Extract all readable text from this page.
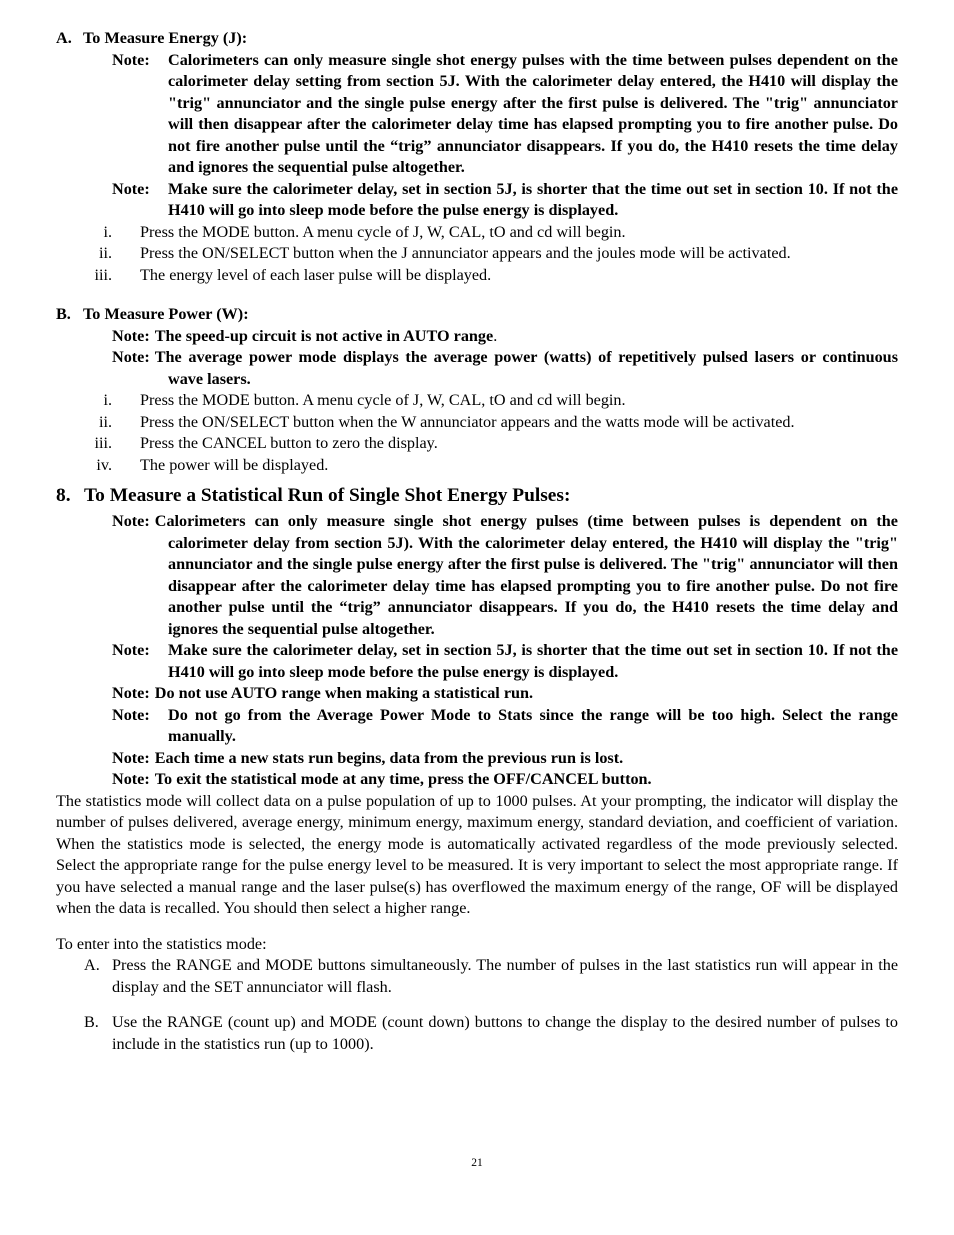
A. To Measure Energy (J):
Note: Calorimeters can only measure single shot energy pulses with the time between pulses dependent on the calorimeter delay setting from section 5J. With the calorimeter delay entered, the H410 will display the "trig" annunciator and the single pulse energy after the first pulse is delivered. The "trig" annunciator will then disappear after the calorimeter delay time has elapsed prompting you to fire another pulse. Do not fire another pulse until the “trig” annunciator disappears. If you do, the H410 resets the time delay and ignores the sequential pulse altogether.
Note: Make sure the calorimeter delay, set in section 5J, is shorter that the time out set in section 10. If not the H410 will go into sleep mode before the pulse energy is displayed.
i. Press the MODE button. A menu cycle of J, W, CAL, tO and cd will begin.
ii. Press the ON/SELECT button when the J annunciator appears and the joules mode will be activated.
iii. The energy level of each laser pulse will be displayed.
B. To Measure Power (W):
Note: The speed-up circuit is not active in AUTO range.
Note: The average power mode displays the average power (watts) of repetitively pulsed lasers or continuous wave lasers.
i. Press the MODE button. A menu cycle of J, W, CAL, tO and cd will begin.
ii. Press the ON/SELECT button when the W annunciator appears and the watts mode will be activated.
iii. Press the CANCEL button to zero the display.
iv. The power will be displayed.
8. To Measure a Statistical Run of Single Shot Energy Pulses:
Note: Calorimeters can only measure single shot energy pulses (time between pulses is dependent on the calorimeter delay from section 5J). With the calorimeter delay entered, the H410 will display the "trig" annunciator and the single pulse energy after the first pulse is delivered. The "trig" annunciator will then disappear after the calorimeter delay time has elapsed prompting you to fire another pulse. Do not fire another pulse until the “trig” annunciator disappears. If you do, the H410 resets the time delay and ignores the sequential pulse altogether.
Note: Make sure the calorimeter delay, set in section 5J, is shorter that the time out set in section 10. If not the H410 will go into sleep mode before the pulse energy is displayed.
Note: Do not use AUTO range when making a statistical run.
Note: Do not go from the Average Power Mode to Stats since the range will be too high. Select the range manually.
Note: Each time a new stats run begins, data from the previous run is lost.
Note: To exit the statistical mode at any time, press the OFF/CANCEL button.
The statistics mode will collect data on a pulse population of up to 1000 pulses. At your prompting, the indicator will display the number of pulses delivered, average energy, minimum energy, maximum energy, standard deviation, and coefficient of variation. When the statistics mode is selected, the energy mode is automatically activated regardless of the mode previously selected. Select the appropriate range for the pulse energy level to be measured. It is very important to select the most appropriate range. If you have selected a manual range and the laser pulse(s) has overflowed the maximum energy of the range, OF will be displayed when the data is recalled. You should then select a higher range.
To enter into the statistics mode:
A. Press the RANGE and MODE buttons simultaneously. The number of pulses in the last statistics run will appear in the display and the SET annunciator will flash.
B. Use the RANGE (count up) and MODE (count down) buttons to change the display to the desired number of pulses to include in the statistics run (up to 1000).
21
